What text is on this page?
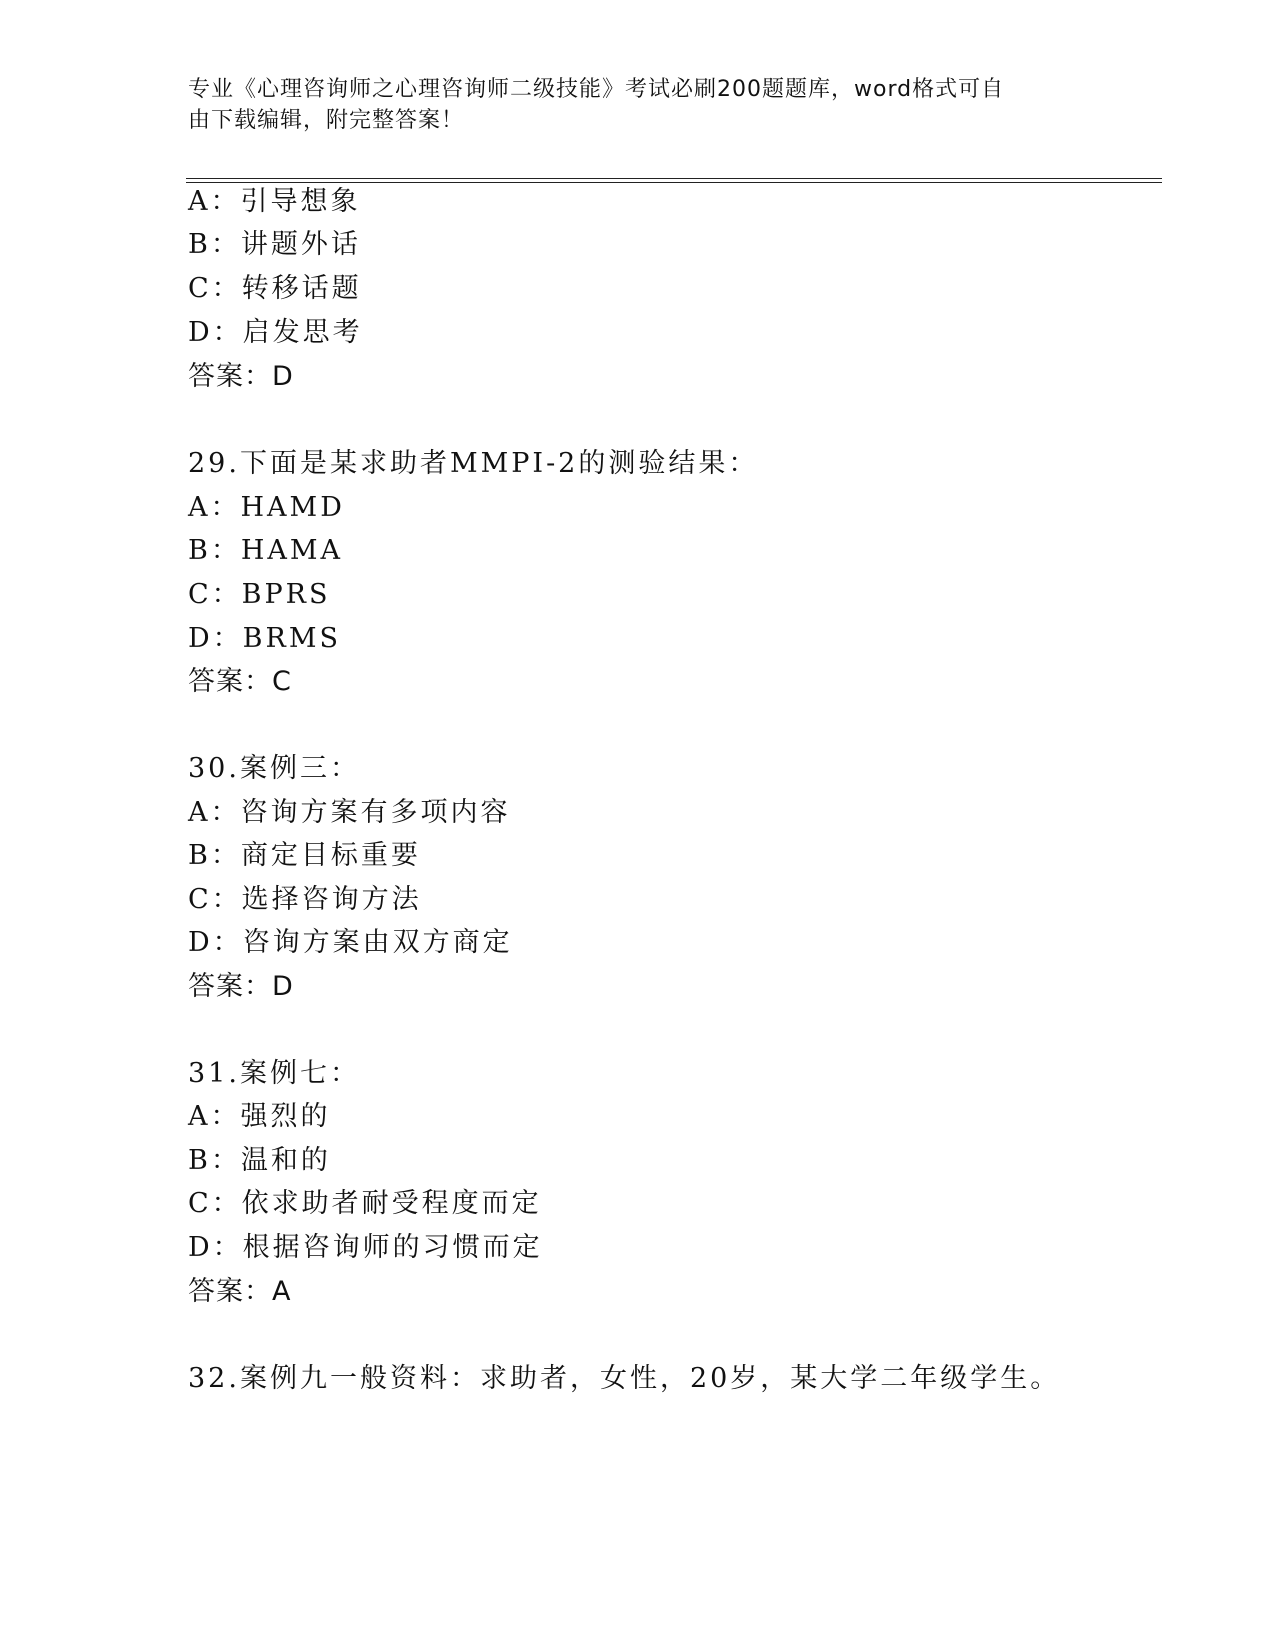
专业《心理咨询师之心理咨询师二级技能》考试必刷200题题库，word格式可自
由下载编辑，附完整答案！
A：引导想象
B：讲题外话
C：转移话题
D：启发思考
答案：D
29.下面是某求助者MMPI-2的测验结果：
A：HAMD
B：HAMA
C：BPRS
D：BRMS
答案：C
30.案例三：
A：咨询方案有多项内容
B：商定目标重要
C：选择咨询方法
D：咨询方案由双方商定
答案：D
31.案例七：
A：强烈的
B：温和的
C：依求助者耐受程度而定
D：根据咨询师的习惯而定
答案：A
32.案例九一般资料：求助者，女性，20岁，某大学二年级学生。
